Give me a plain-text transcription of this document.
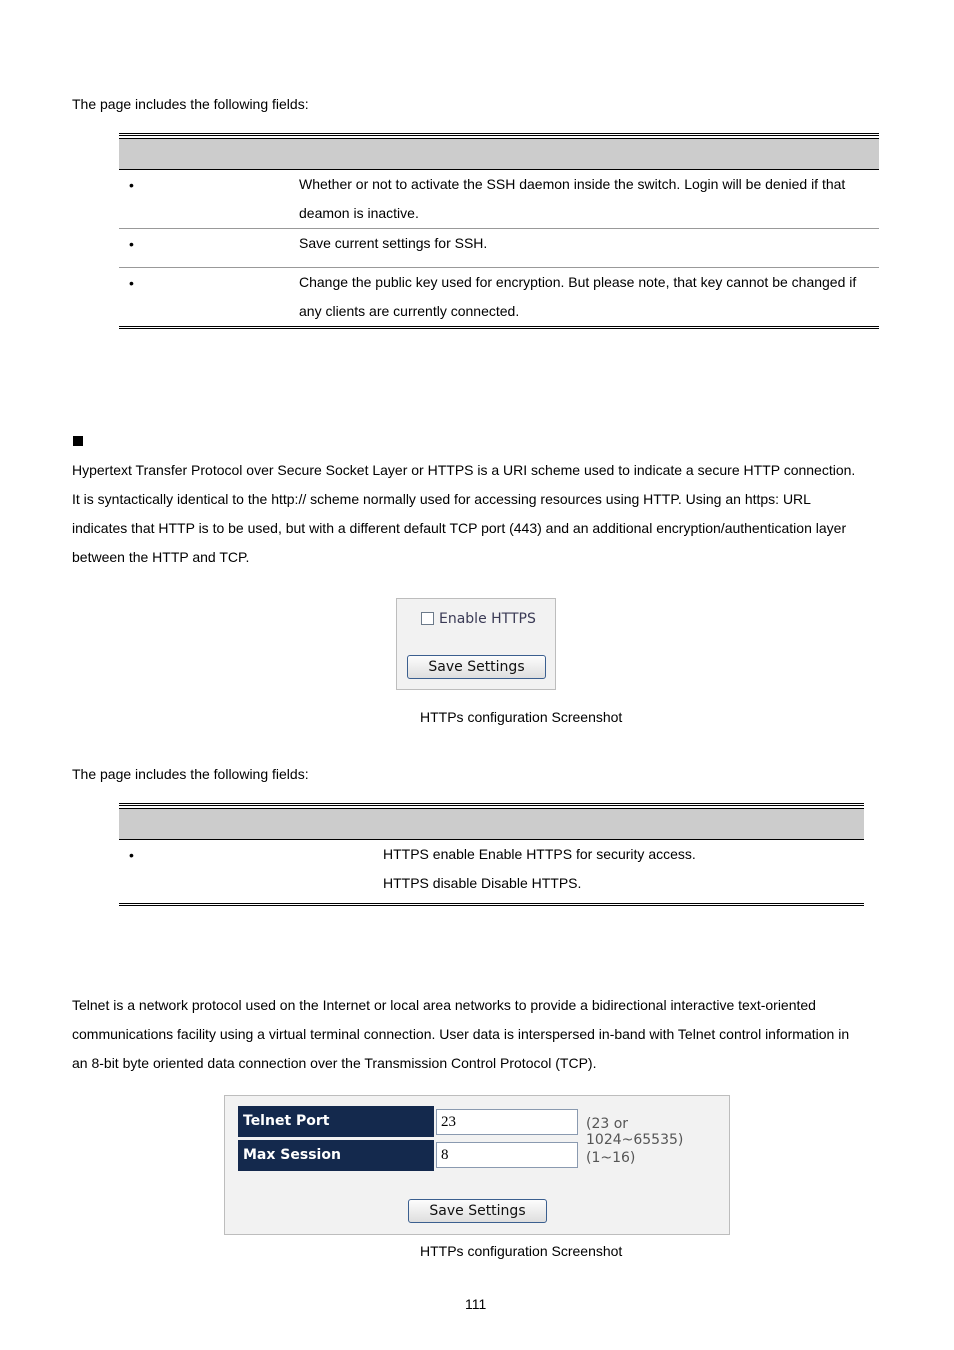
The page includes the following fields:
•	Whether or not to activate the SSH daemon inside the switch. Login will be denied if that
deamon is inactive.
•	Save current settings for SSH.
•	Change the public key used for encryption. But please note, that key cannot be changed if
any clients are currently connected.
Hypertext Transfer Protocol over Secure Socket Layer or HTTPS is a URI scheme used to indicate a secure HTTP connection.
It is syntactically identical to the http:// scheme normally used for accessing resources using HTTP. Using an https: URL
indicates that HTTP is to be used, but with a different default TCP port (443) and an additional encryption/authentication layer
between the HTTP and TCP.
Enable HTTPS
Save Settings
HTTPs configuration Screenshot
The page includes the following fields:
•	HTTPS enable Enable HTTPS for security access.
HTTPS disable Disable HTTPS.
Telnet is a network protocol used on the Internet or local area networks to provide a bidirectional interactive text-oriented
communications facility using a virtual terminal connection. User data is interspersed in-band with Telnet control information in
an 8-bit byte oriented data connection over the Transmission Control Protocol (TCP).
Telnet Port
23	(23 or 1024~65535)
Max Session
8	(1~16)
Save Settings
HTTPs configuration Screenshot
111
